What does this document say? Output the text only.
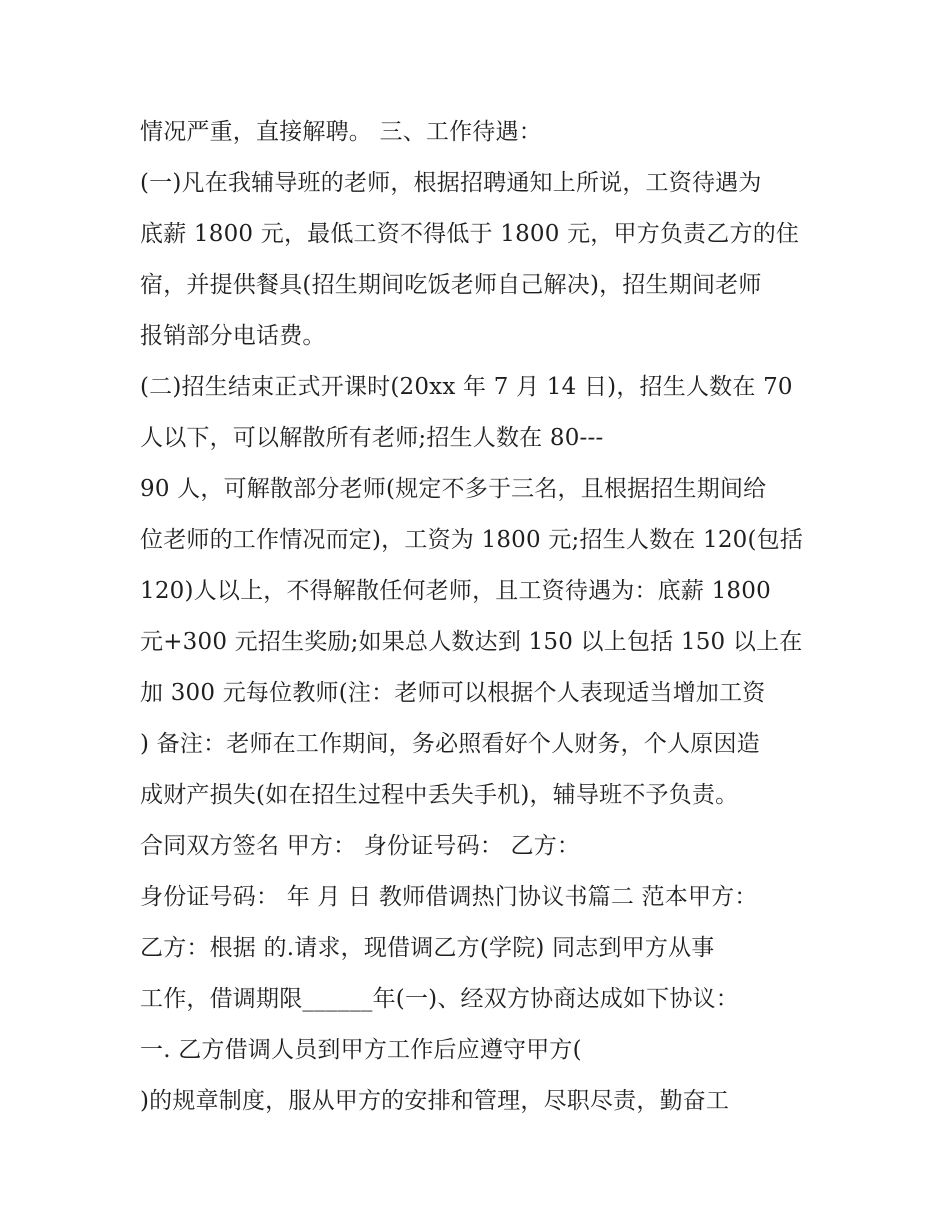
情况严重，直接解聘。 三、工作待遇：
(一)凡在我辅导班的老师，根据招聘通知上所说，工资待遇为
底薪 1800 元，最低工资不得低于 1800 元，甲方负责乙方的住
宿，并提供餐具(招生期间吃饭老师自己解决)，招生期间老师
报销部分电话费。
(二)招生结束正式开课时(20xx 年 7 月 14 日)，招生人数在 70
人以下，可以解散所有老师;招生人数在 80---
90 人，可解散部分老师(规定不多于三名，且根据招生期间给
位老师的工作情况而定)，工资为 1800 元;招生人数在 120(包括
120)人以上，不得解散任何老师，且工资待遇为：底薪 1800
元+300 元招生奖励;如果总人数达到 150 以上包括 150 以上在
加 300 元每位教师(注：老师可以根据个人表现适当增加工资
) 备注：老师在工作期间，务必照看好个人财务，个人原因造
成财产损失(如在招生过程中丢失手机)，辅导班不予负责。
合同双方签名 甲方： 身份证号码： 乙方：
身份证号码： 年 月 日 教师借调热门协议书篇二 范本甲方：
乙方：根据 的.请求，现借调乙方(学院) 同志到甲方从事
工作，借调期限______年(一)、经双方协商达成如下协议：
一. 乙方借调人员到甲方工作后应遵守甲方(
)的规章制度，服从甲方的安排和管理，尽职尽责，勤奋工
